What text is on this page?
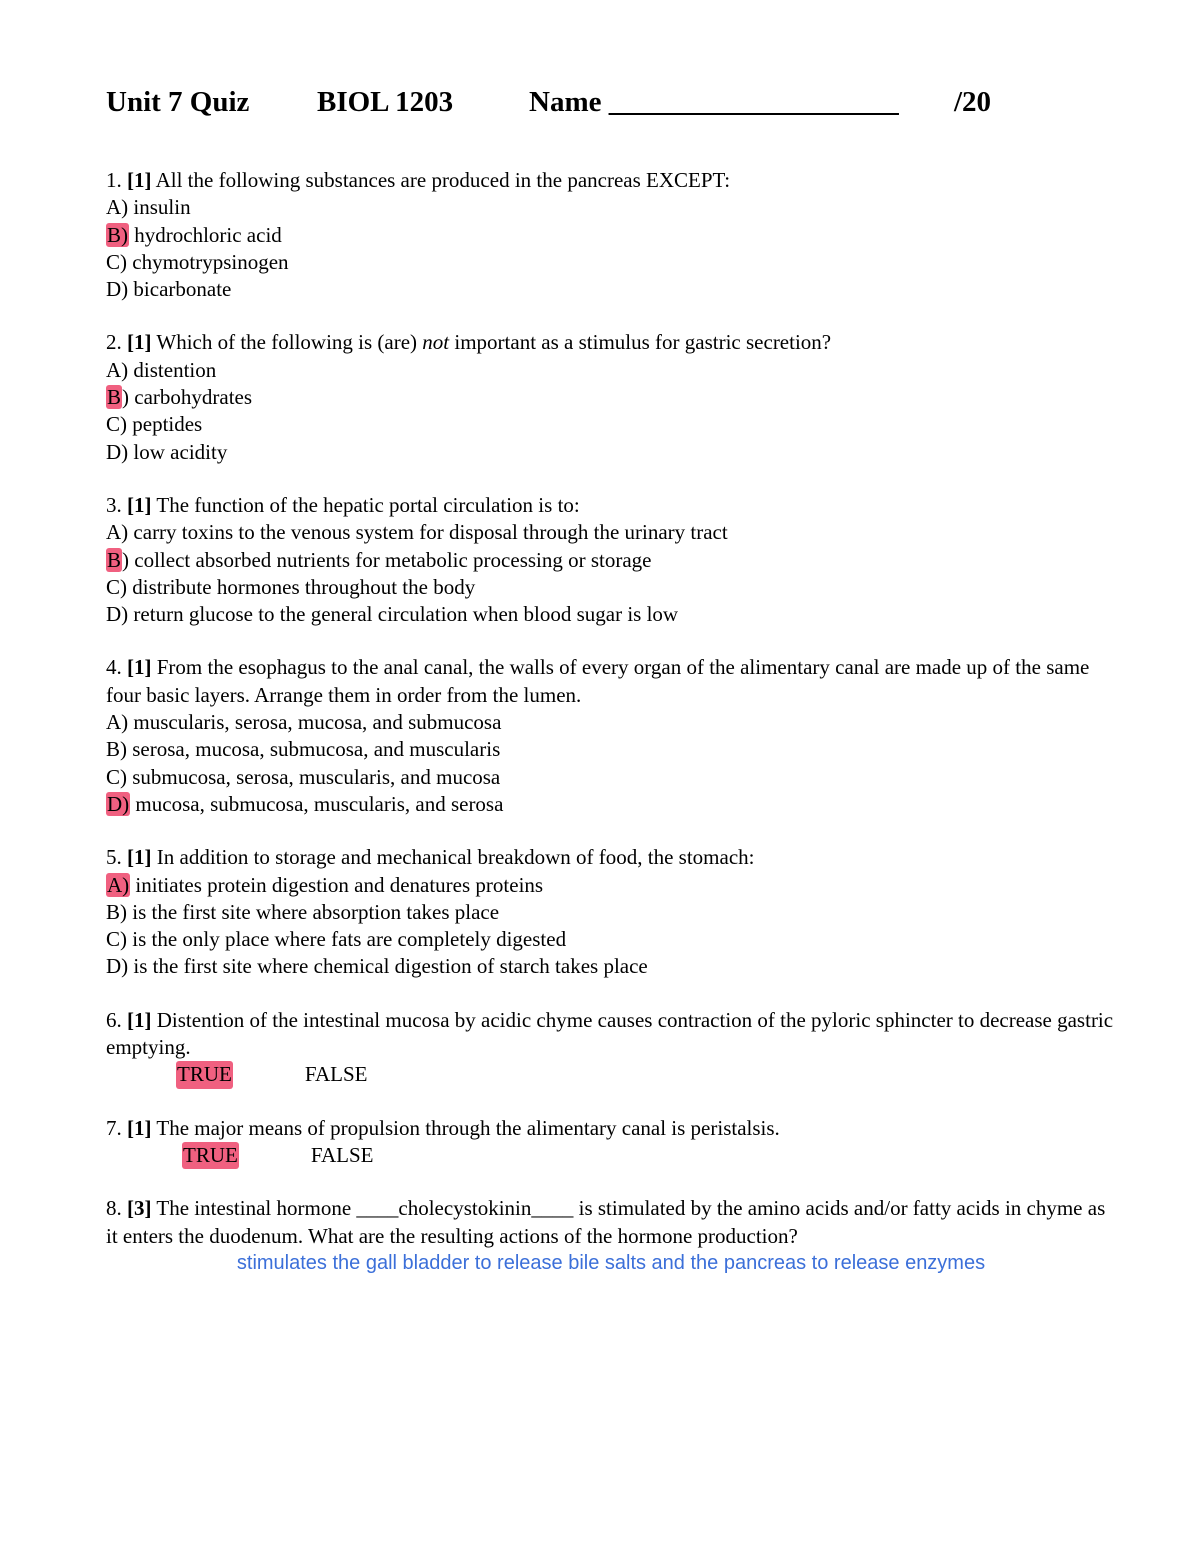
Unit 7 Quiz BIOL 1203	Name ____________________ /20

1. [1] All the following substances are produced in the pancreas EXCEPT:

A) insulin

B) hydrochloric acid

C) chymotrypsinogen

D) bicarbonate

2. [1] Which of the following is (are) not important as a stimulus for gastric secretion?

A) distention

B) carbohydrates

C) peptides

D) low acidity

3. [1] The function of the hepatic portal circulation is to:

A) carry toxins to the venous system for disposal through the urinary tract

B) collect absorbed nutrients for metabolic processing or storage

C) distribute hormones throughout the body

D) return glucose to the general circulation when blood sugar is low

4. [1] From the esophagus to the anal canal, the walls of every organ of the alimentary canal are made up of the same four basic layers. Arrange them in order from the lumen.

A) muscularis, serosa, mucosa, and submucosa

B) serosa, mucosa, submucosa, and muscularis

C) submucosa, serosa, muscularis, and mucosa

D) mucosa, submucosa, muscularis, and serosa

5. [1] In addition to storage and mechanical breakdown of food, the stomach:

A) initiates protein digestion and denatures proteins

B) is the first site where absorption takes place

C) is the only place where fats are completely digested

D) is the first site where chemical digestion of starch takes place

6. [1] Distention of the intestinal mucosa by acidic chyme causes contraction of the pyloric sphincter to decrease gastric emptying.

TRUE	FALSE

7. [1] The major means of propulsion through the alimentary canal is peristalsis.

TRUE	FALSE

8. [3] The intestinal hormone ____cholecystokinin____ is stimulated by the amino acids and/or fatty acids in chyme as it enters the duodenum. What are the resulting actions of the hormone production?

stimulates the gall bladder to release bile salts and the pancreas to release enzymes
